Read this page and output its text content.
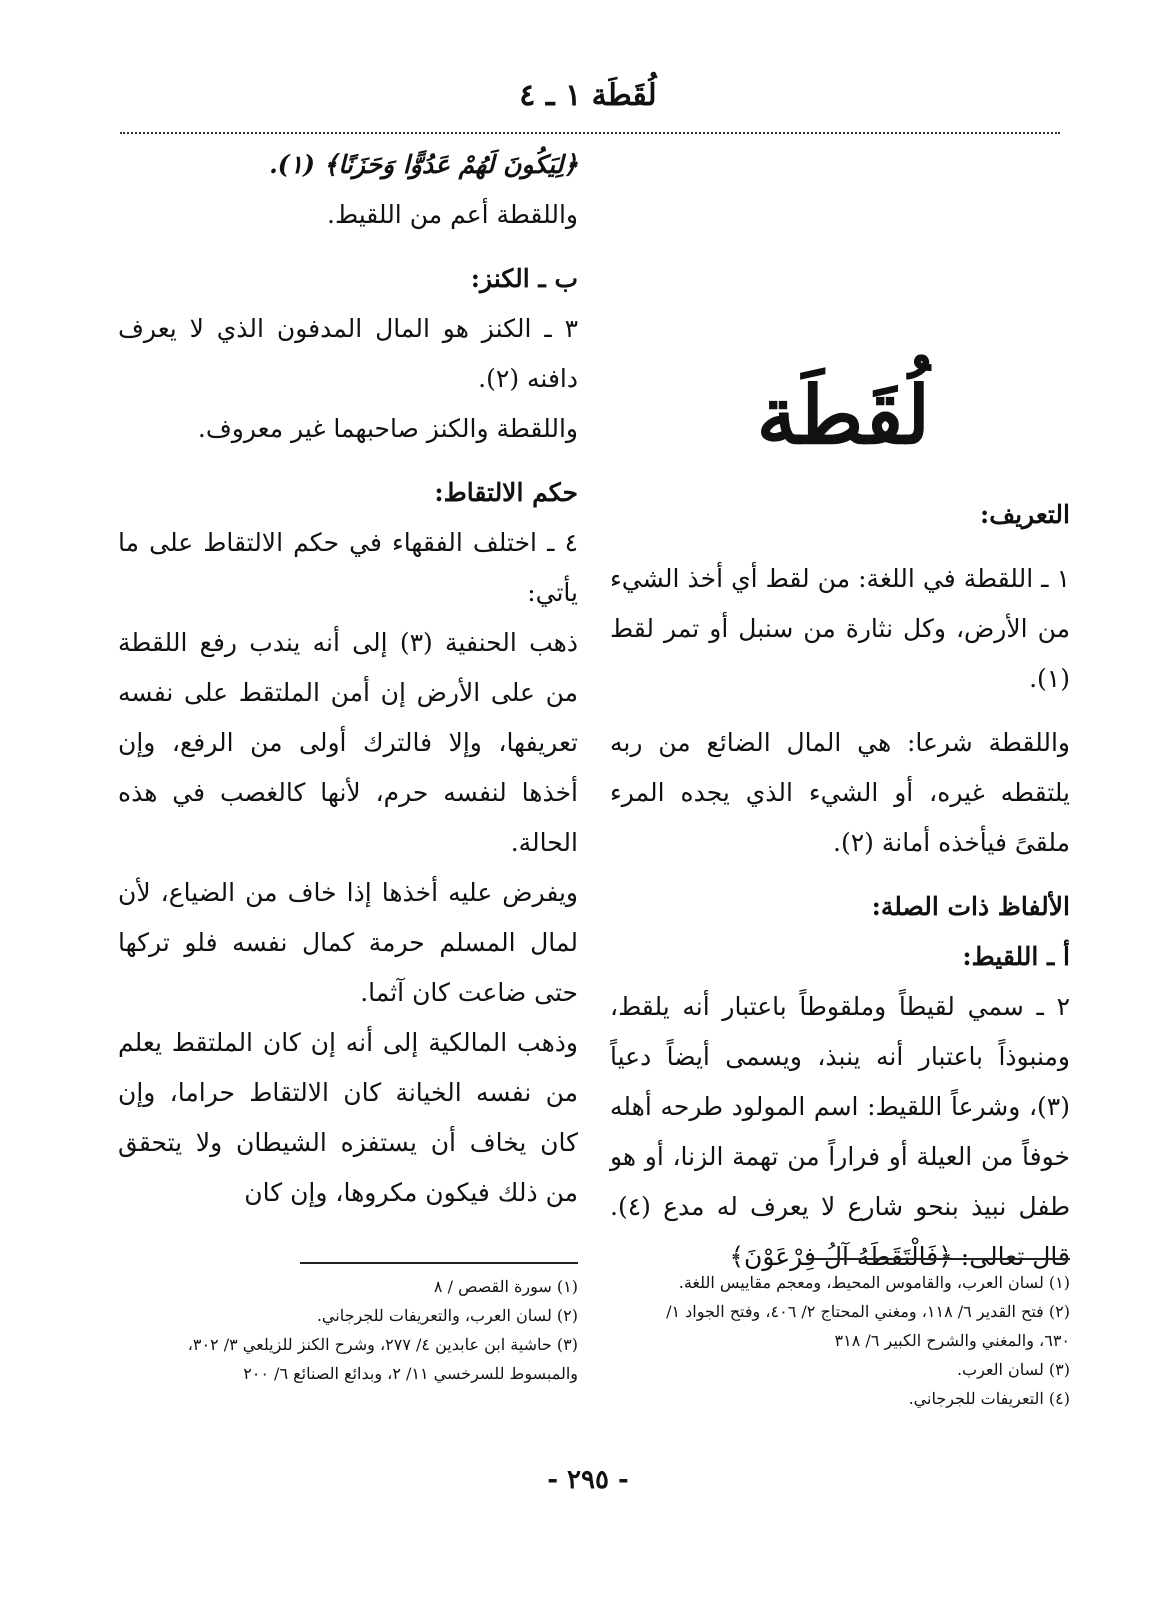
لُقَطَة ١ ـ ٤
لُقَطَة

التعريف:

١ ـ اللقطة في اللغة: من لقط أي أخذ الشيء من الأرض، وكل نثارة من سنبل أو تمر لقط (١).

واللقطة شرعا: هي المال الضائع من ربه يلتقطه غيره، أو الشيء الذي يجده المرء ملقىً فيأخذه أمانة (٢).

الألفاظ ذات الصلة:

أ ـ اللقيط:

٢ ـ سمي لقيطاً وملقوطاً باعتبار أنه يلقط، ومنبوذاً باعتبار أنه ينبذ، ويسمى أيضاً دعياً (٣)، وشرعاً اللقيط: اسم المولود طرحه أهله خوفاً من العيلة أو فراراً من تهمة الزنا، أو هو طفل نبيذ بنحو شارع لا يعرف له مدع (٤). قال تعالى: ﴿فَالْتَقَطَهُ آلُ فِرْعَوْنَ﴾

﴿لِيَكُونَ لَهُمْ عَدُوًّا وَحَزَنًا﴾ (١).

واللقطة أعم من اللقيط.

ب ـ الكنز:

٣ ـ الكنز هو المال المدفون الذي لا يعرف دافنه (٢).

واللقطة والكنز صاحبهما غير معروف.

حكم الالتقاط:

٤ ـ اختلف الفقهاء في حكم الالتقاط على ما يأتي:

ذهب الحنفية (٣) إلى أنه يندب رفع اللقطة من على الأرض إن أمن الملتقط على نفسه تعريفها، وإلا فالترك أولى من الرفع، وإن أخذها لنفسه حرم، لأنها كالغصب في هذه الحالة.

ويفرض عليه أخذها إذا خاف من الضياع، لأن لمال المسلم حرمة كمال نفسه فلو تركها حتى ضاعت كان آثما.

وذهب المالكية إلى أنه إن كان الملتقط يعلم من نفسه الخيانة كان الالتقاط حراما، وإن كان يخاف أن يستفزه الشيطان ولا يتحقق من ذلك فيكون مكروها، وإن كان

(١) سورة القصص / ٨

(٢) لسان العرب، والتعريفات للجرجاني.

(٣) حاشية ابن عابدين ٤/ ٢٧٧، وشرح الكنز للزيلعي ٣/ ٣٠٢، والمبسوط للسرخسي ١١/ ٢، وبدائع الصنائع ٦/ ٢٠٠

(١) لسان العرب، والقاموس المحيط، ومعجم مقاييس اللغة.

(٢) فتح القدير ٦/ ١١٨، ومغني المحتاج ٢/ ٤٠٦، وفتح الجواد ١/ ٦٣٠، والمغني والشرح الكبير ٦/ ٣١٨

(٣) لسان العرب.

(٤) التعريفات للجرجاني.

- ٢٩٥ -
